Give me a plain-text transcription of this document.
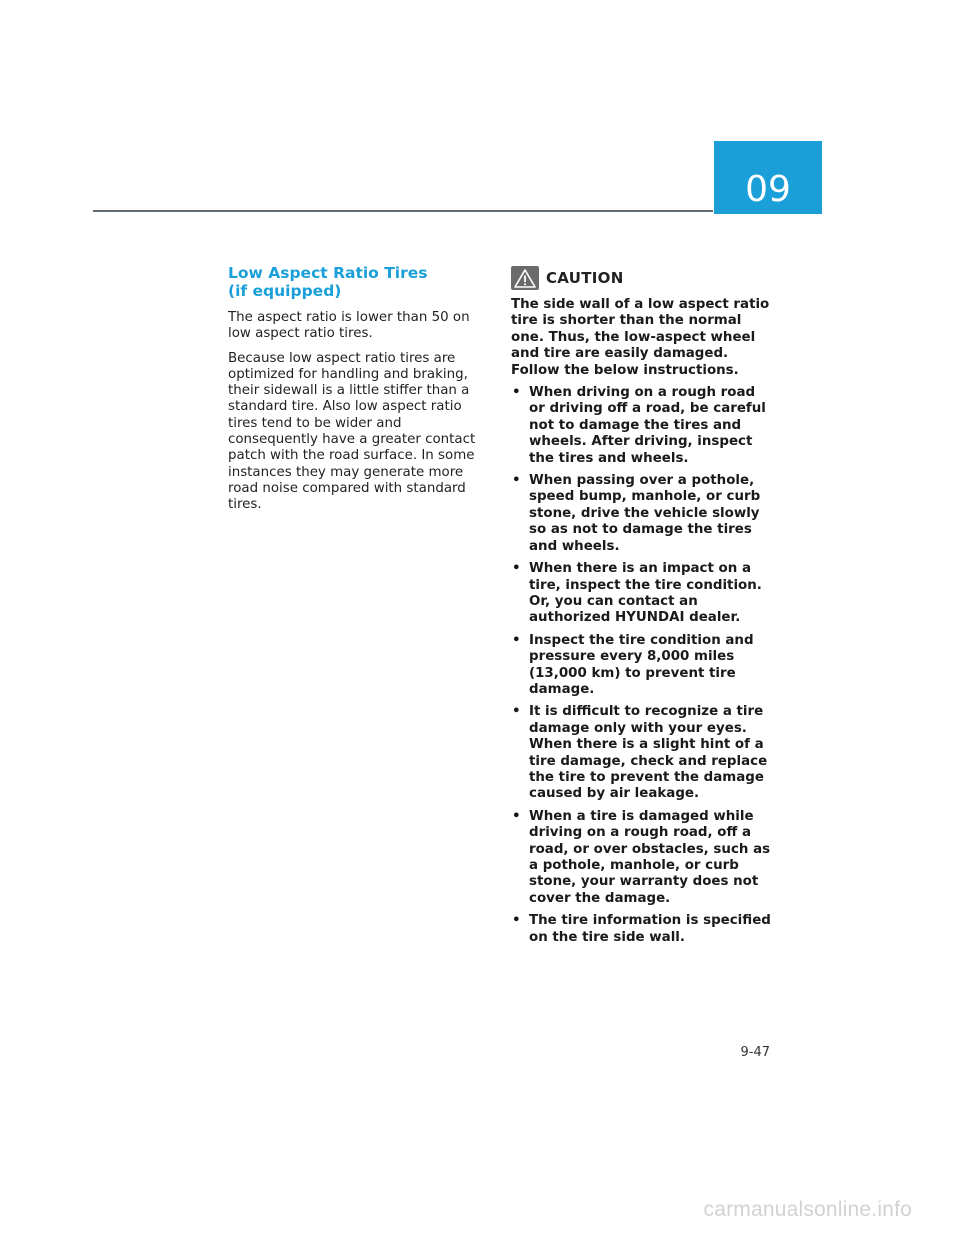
09
Low Aspect Ratio Tires
(if equipped)

The aspect ratio is lower than 50 on low aspect ratio tires.

Because low aspect ratio tires are optimized for handling and braking, their sidewall is a little stiffer than a standard tire. Also low aspect ratio tires tend to be wider and consequently have a greater contact patch with the road surface. In some instances they may generate more road noise compared with standard tires.

CAUTION

The side wall of a low aspect ratio tire is shorter than the normal one. Thus, the low-aspect wheel and tire are easily damaged. Follow the below instructions.

• When driving on a rough road or driving off a road, be careful not to damage the tires and wheels. After driving, inspect the tires and wheels.
• When passing over a pothole, speed bump, manhole, or curb stone, drive the vehicle slowly so as not to damage the tires and wheels.
• When there is an impact on a tire, inspect the tire condition. Or, you can contact an authorized HYUNDAI dealer.
• Inspect the tire condition and pressure every 8,000 miles (13,000 km) to prevent tire damage.
• It is difficult to recognize a tire damage only with your eyes. When there is a slight hint of a tire damage, check and replace the tire to prevent the damage caused by air leakage.
• When a tire is damaged while driving on a rough road, off a road, or over obstacles, such as a pothole, manhole, or curb stone, your warranty does not cover the damage.
• The tire information is specified on the tire side wall.
9-47
carmanualsonline.info
